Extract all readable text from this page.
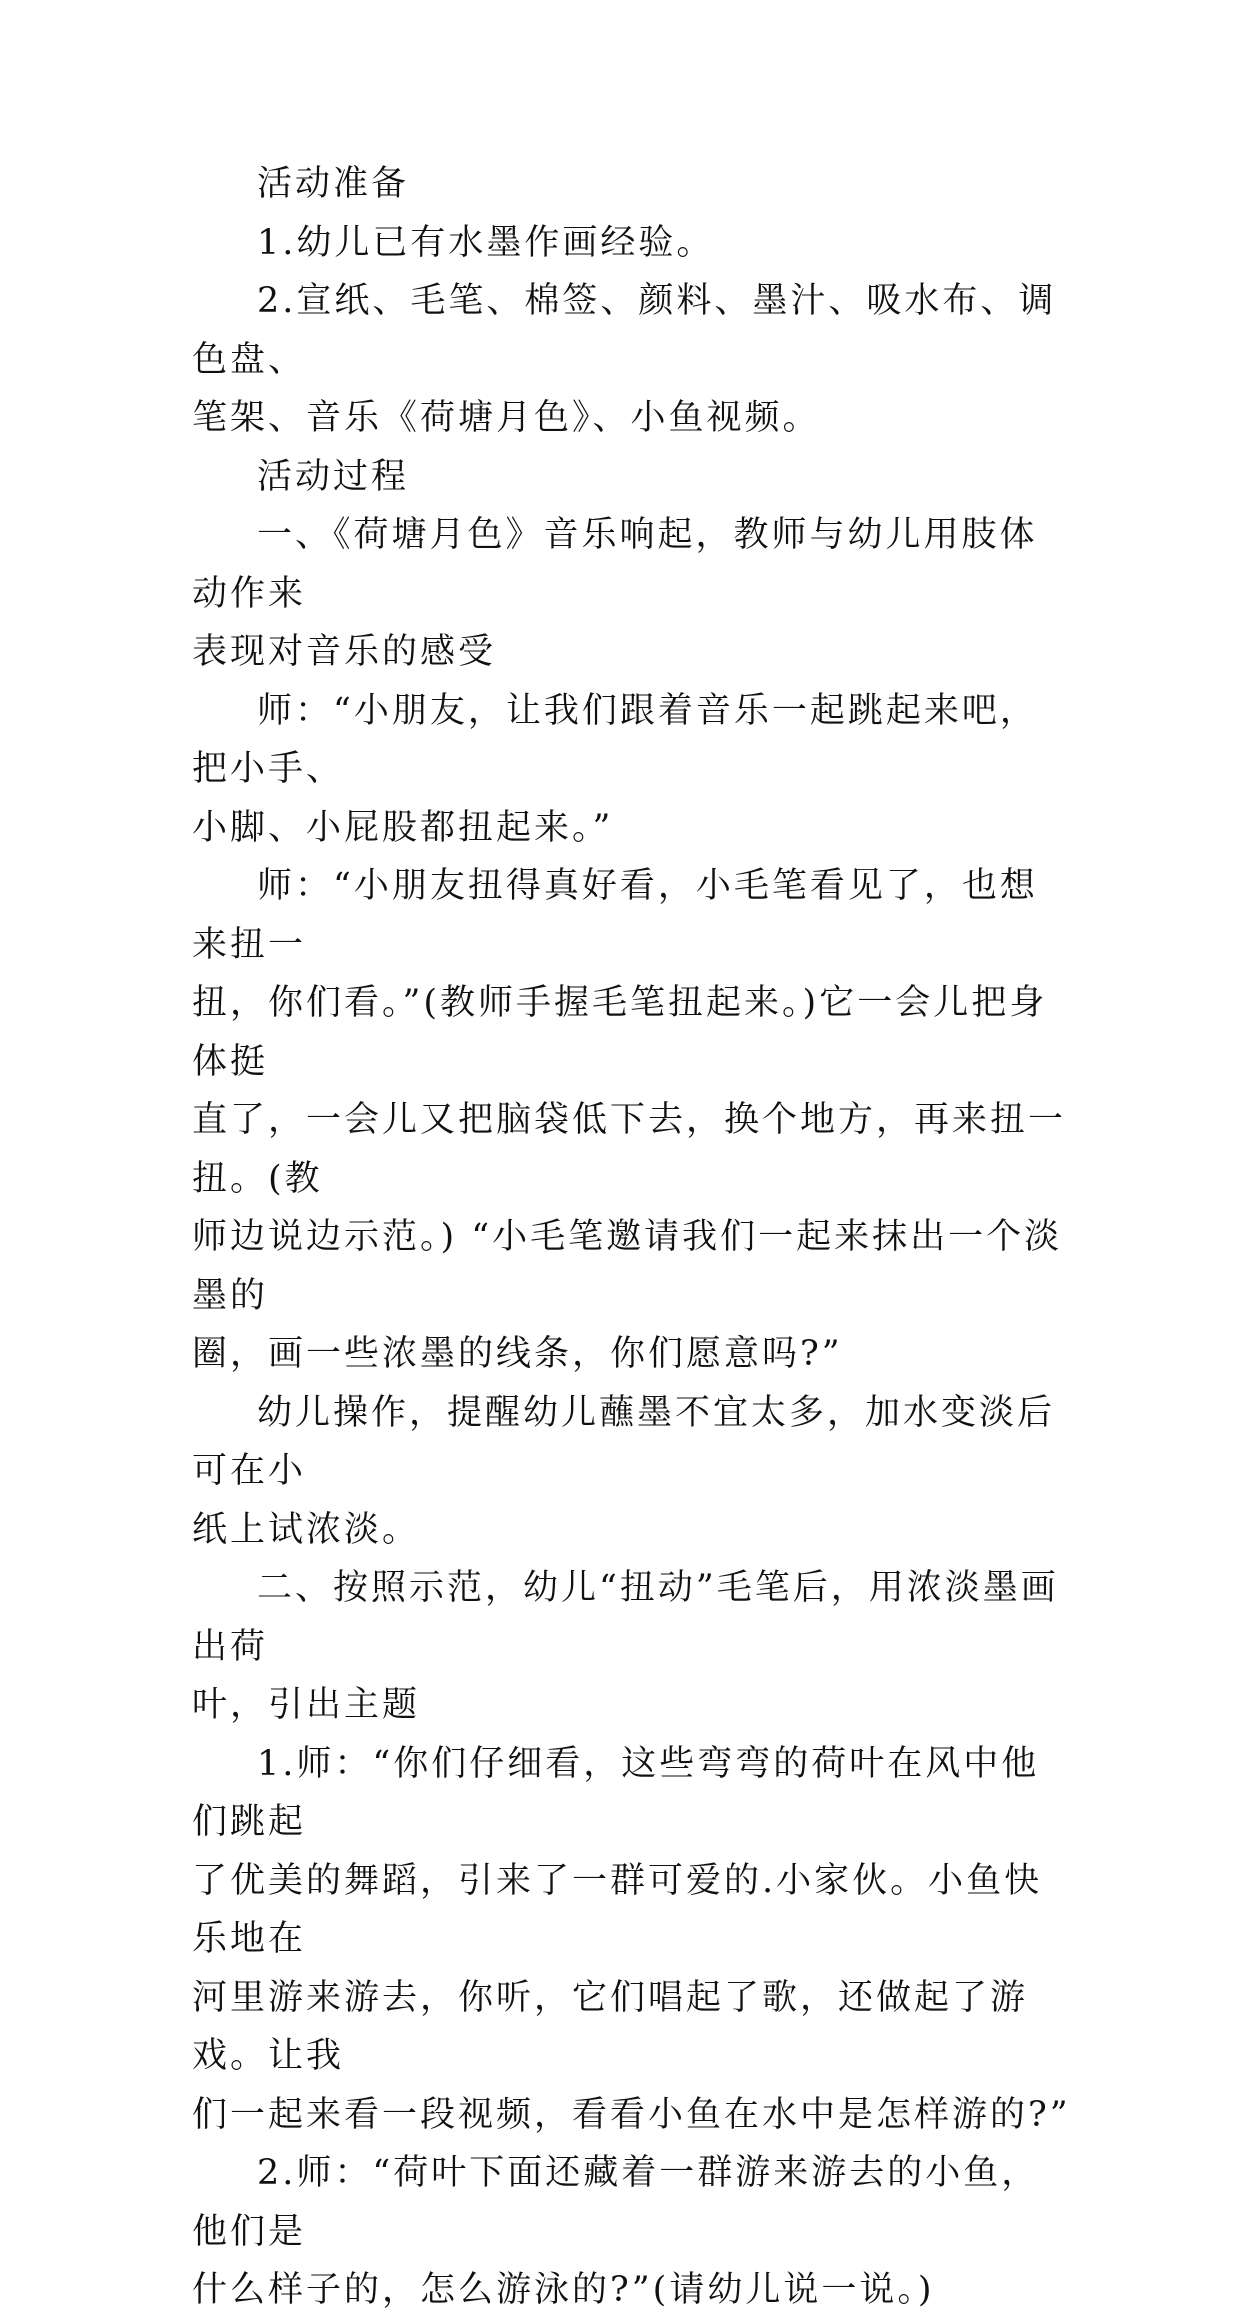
活动准备

1.幼儿已有水墨作画经验。

2.宣纸、毛笔、棉签、颜料、墨汁、吸水布、调色盘、

笔架、音乐《荷塘月色》、小鱼视频。

活动过程

一、《荷塘月色》音乐响起，教师与幼儿用肢体动作来

表现对音乐的感受

师：“小朋友，让我们跟着音乐一起跳起来吧，把小手、

小脚、小屁股都扭起来。”

师：“小朋友扭得真好看，小毛笔看见了，也想来扭一

扭，你们看。”(教师手握毛笔扭起来。)它一会儿把身体挺

直了，一会儿又把脑袋低下去，换个地方，再来扭一扭。(教

师边说边示范。) “小毛笔邀请我们一起来抹出一个淡墨的

圈，画一些浓墨的线条，你们愿意吗?”

幼儿操作，提醒幼儿蘸墨不宜太多，加水变淡后可在小

纸上试浓淡。

二、按照示范，幼儿“扭动”毛笔后，用浓淡墨画出荷

叶，引出主题

1.师：“你们仔细看，这些弯弯的荷叶在风中他们跳起

了优美的舞蹈，引来了一群可爱的.小家伙。小鱼快乐地在

河里游来游去，你听，它们唱起了歌，还做起了游戏。让我

们一起来看一段视频，看看小鱼在水中是怎样游的?”

2.师：“荷叶下面还藏着一群游来游去的小鱼，他们是

什么样子的，怎么游泳的?”(请幼儿说一说。)
